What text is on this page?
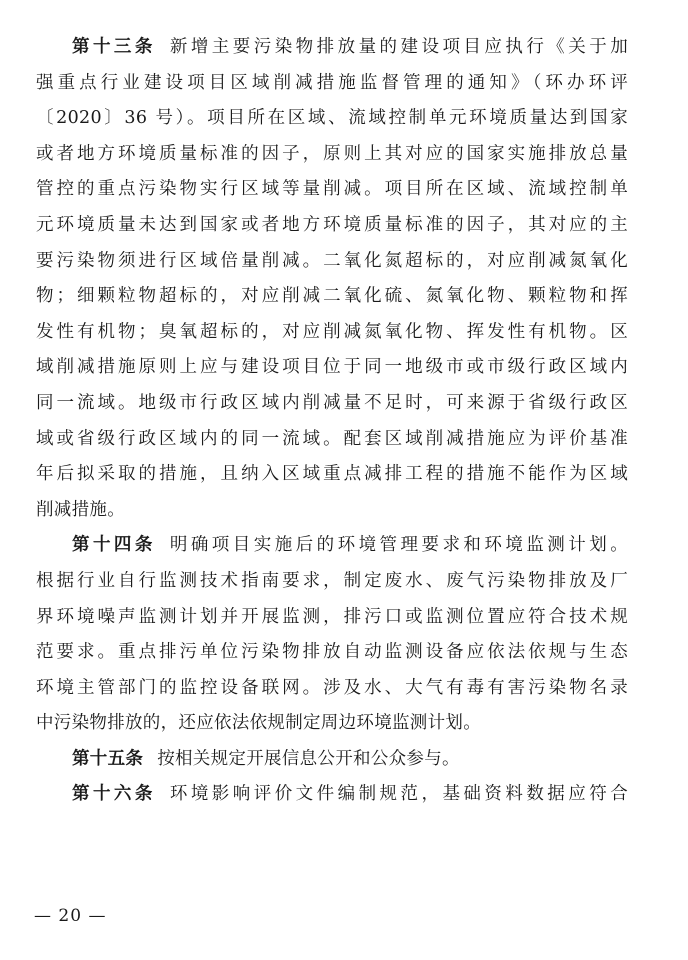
第十三条 新增主要污染物排放量的建设项目应执行《关于加
强重点行业建设项目区域削减措施监督管理的通知》（环办环评
〔2020〕36 号）。项目所在区域、流域控制单元环境质量达到国家
或者地方环境质量标准的因子，原则上其对应的国家实施排放总量
管控的重点污染物实行区域等量削减。项目所在区域、流域控制单
元环境质量未达到国家或者地方环境质量标准的因子，其对应的主
要污染物须进行区域倍量削减。二氧化氮超标的，对应削减氮氧化
物；细颗粒物超标的，对应削减二氧化硫、氮氧化物、颗粒物和挥
发性有机物；臭氧超标的，对应削减氮氧化物、挥发性有机物。区
域削减措施原则上应与建设项目位于同一地级市或市级行政区域内
同一流域。地级市行政区域内削减量不足时，可来源于省级行政区
域或省级行政区域内的同一流域。配套区域削减措施应为评价基准
年后拟采取的措施，且纳入区域重点减排工程的措施不能作为区域
削减措施。
第十四条 明确项目实施后的环境管理要求和环境监测计划。
根据行业自行监测技术指南要求，制定废水、废气污染物排放及厂
界环境噪声监测计划并开展监测，排污口或监测位置应符合技术规
范要求。重点排污单位污染物排放自动监测设备应依法依规与生态
环境主管部门的监控设备联网。涉及水、大气有毒有害污染物名录
中污染物排放的，还应依法依规制定周边环境监测计划。
第十五条 按相关规定开展信息公开和公众参与。
第十六条 环境影响评价文件编制规范，基础资料数据应符合
— 20 —
